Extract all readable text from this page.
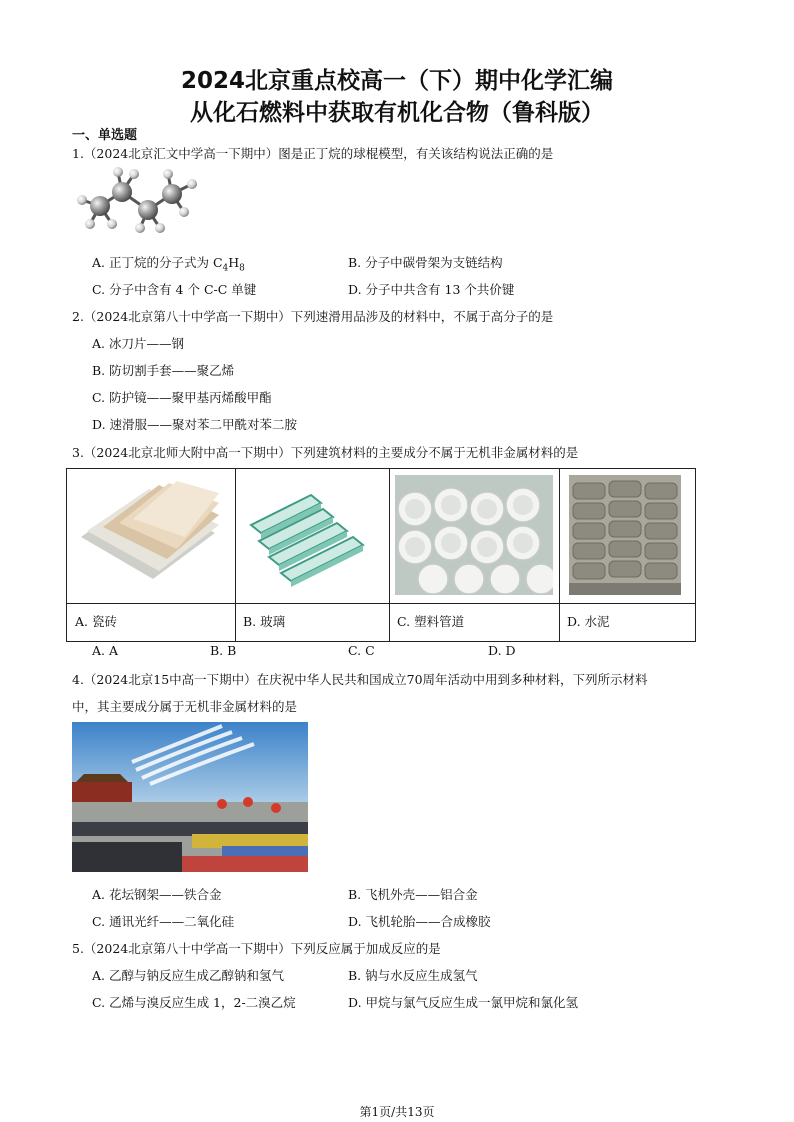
2024北京重点校高一（下）期中化学汇编
从化石燃料中获取有机化合物（鲁科版）
一、单选题
1.（2024北京汇文中学高一下期中）图是正丁烷的球棍模型，有关该结构说法正确的是
A. 正丁烷的分子式为 $C_4H_8$	B. 分子中碳骨架为支链结构
C. 分子中含有 4 个 C-C 单键	D. 分子中共含有 13 个共价键
2.（2024北京第八十中学高一下期中）下列速滑用品涉及的材料中，不属于高分子的是
A. 冰刀片——钢
B. 防切割手套——聚乙烯
C. 防护镜——聚甲基丙烯酸甲酯
D. 速滑服——聚对苯二甲酰对苯二胺
3.（2024北京北师大附中高一下期中）下列建筑材料的主要成分不属于无机非金属材料的是
A. 瓷砖	B. 玻璃	C. 塑料管道	D. 水泥
A. A	B. B	C. C	D. D
4.（2024北京15中高一下期中）在庆祝中华人民共和国成立70周年活动中用到多种材料，下列所示材料
中，其主要成分属于无机非金属材料的是
A. 花坛钢架——铁合金	B. 飞机外壳——铝合金
C. 通讯光纤——二氧化硅	D. 飞机轮胎——合成橡胶
5.（2024北京第八十中学高一下期中）下列反应属于加成反应的是
A. 乙醇与钠反应生成乙醇钠和氢气	B. 钠与水反应生成氢气
C. 乙烯与溴反应生成 1，2-二溴乙烷	D. 甲烷与氯气反应生成一氯甲烷和氯化氢
第1页/共13页
